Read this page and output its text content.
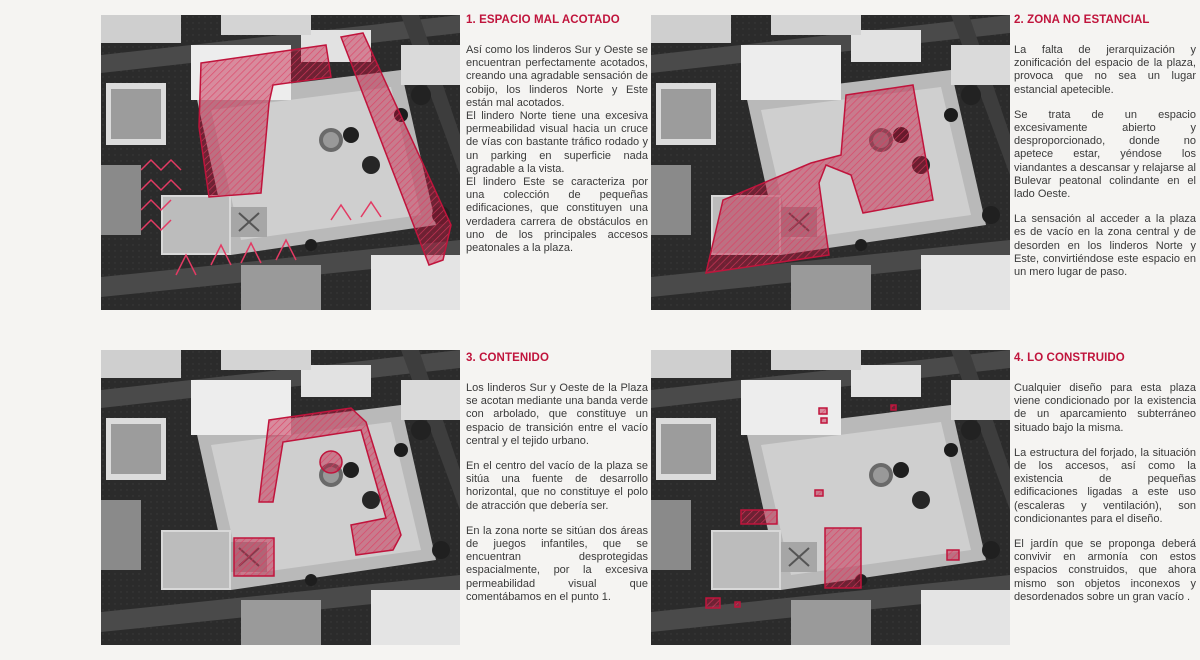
1. ESPACIO MAL ACOTADO

Así como los linderos Sur y Oeste se encuentran perfectamente acotados, creando una agradable sensación de cobijo, los linderos Norte y Este están mal acotados.

El lindero Norte tiene una excesiva permeabilidad visual hacia un cruce de vías con bastante tráfico rodado y un parking en superficie nada agradable a la vista.

El lindero Este se caracteriza por una colección de pequeñas edificaciones, que constituyen una verdadera carrera de obstáculos en uno de los principales accesos peatonales a la plaza.

2. ZONA NO ESTANCIAL

La falta de jerarquización y zonificación del espacio de la plaza, provoca que no sea un lugar estancial apetecible.

Se trata de un espacio excesivamente abierto y desproporcionado, donde no apetece estar, yéndose los viandantes a descansar y relajarse al Bulevar peatonal colindante en el lado Oeste.

La sensación al acceder a la plaza es de vacío en la zona central y de desorden en los linderos Norte y Este, convirtiéndose este espacio en un mero lugar de paso.

3. CONTENIDO

Los linderos Sur y Oeste de la Plaza se acotan mediante una banda verde con arbolado, que constituye un espacio de transición entre el vacío central y el tejido urbano.

En el centro del vacío de la plaza se sitúa una fuente de desarrollo horizontal, que no constituye el polo de atracción que debería ser.

En la zona norte se sitúan dos áreas de juegos infantiles, que se encuentran desprotegidas espacialmente, por la excesiva permeabilidad visual que comentábamos en el punto 1.

4. LO CONSTRUIDO

Cualquier diseño para esta plaza viene condicionado por la existencia de un aparcamiento subterráneo situado bajo la misma.

La estructura del forjado, la situación de los accesos, así como la existencia de pequeñas edificaciones ligadas a este uso (escaleras y ventilación), son condicionantes para el diseño.

El jardín que se proponga deberá convivir en armonía con estos espacios construidos, que ahora mismo son objetos inconexos y desordenados sobre un gran vacío .
